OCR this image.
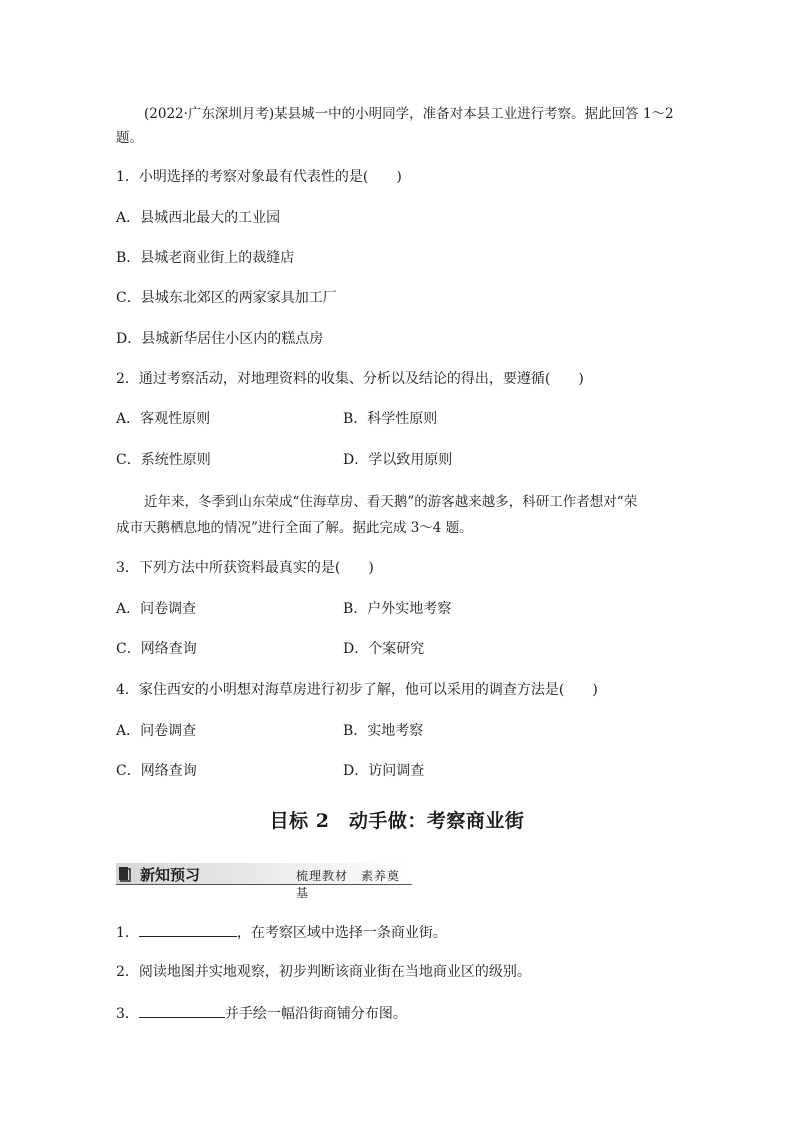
(2022·广东深圳月考)某县城一中的小明同学，准备对本县工业进行考察。据此回答 1～2
题。
1．小明选择的考察对象最有代表性的是(　　)
A．县城西北最大的工业园
B．县城老商业街上的裁缝店
C．县城东北郊区的两家家具加工厂
D．县城新华居住小区内的糕点房
2．通过考察活动，对地理资料的收集、分析以及结论的得出，要遵循(　　)
A．客观性原则	B．科学性原则
C．系统性原则	D．学以致用原则
近年来，冬季到山东荣成“住海草房、看天鹅”的游客越来越多，科研工作者想对“荣
成市天鹅栖息地的情况”进行全面了解。据此完成 3～4 题。
3．下列方法中所获资料最真实的是(　　)
A．问卷调查	B．户外实地考察
C．网络查询	D．个案研究
4．家住西安的小明想对海草房进行初步了解，他可以采用的调查方法是(　　)
A．问卷调查	B．实地考察
C．网络查询	D．访问调查
目标 2　动手做：考察商业街
新知预习	梳理教材　素养奠基
1．	，在考察区域中选择一条商业街。
2．阅读地图并实地观察，初步判断该商业街在当地商业区的级别。
3．	并手绘一幅沿街商铺分布图。
